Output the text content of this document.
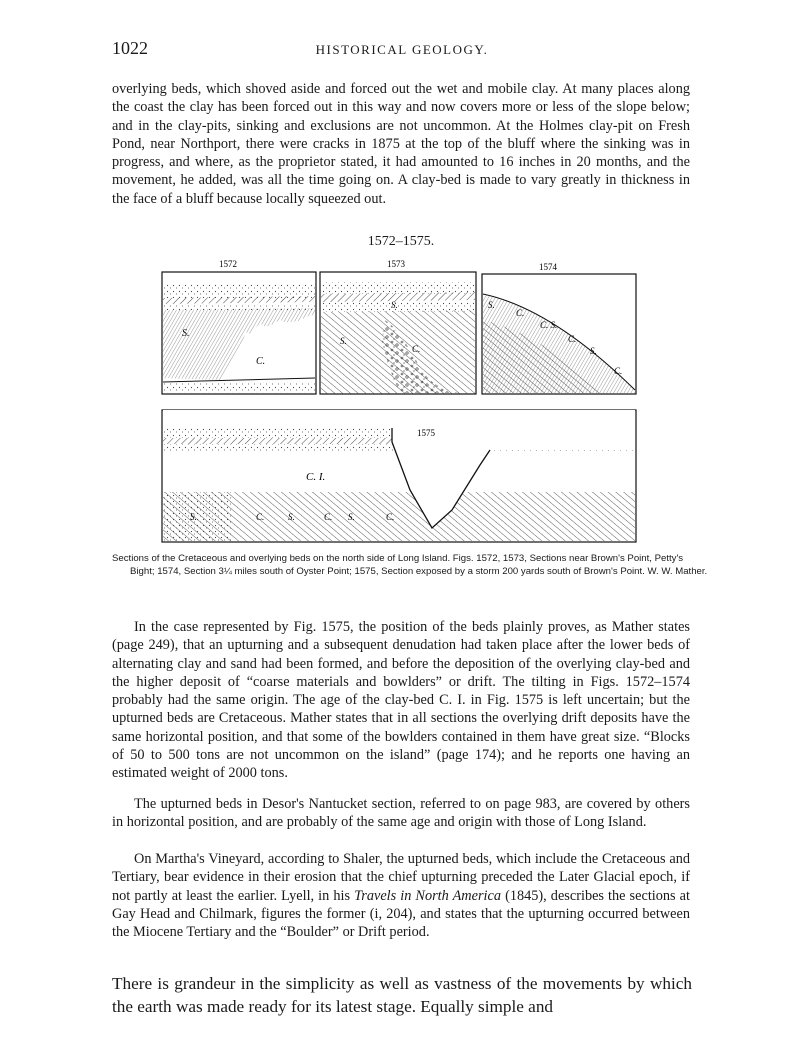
1022	HISTORICAL GEOLOGY.

overlying beds, which shoved aside and forced out the wet and mobile clay. At many places along the coast the clay has been forced out in this way and now covers more or less of the slope below; and in the clay-pits, sinking and exclusions are not uncommon. At the Holmes clay-pit on Fresh Pond, near Northport, there were cracks in 1875 at the top of the bluff where the sinking was in progress, and where, as the proprietor stated, it had amounted to 16 inches in 20 months, and the movement, he added, was all the time going on. A clay-bed is made to vary greatly in thickness in the face of a bluff because locally squeezed out.

1572–1575.
1572	1573	1574
S.
C.
S.
S.
C.
S.
C.
C. S.
C.
S.
C.
1575
C. I.
S.	C.	S.	C. S.	C.

Sections of the Cretaceous and overlying beds on the north side of Long Island. Figs. 1572, 1573, Sections near Brown's Point, Petty's Bight; 1574, Section 3¼ miles south of Oyster Point; 1575, Section exposed by a storm 200 yards south of Brown's Point. W. W. Mather.

In the case represented by Fig. 1575, the position of the beds plainly proves, as Mather states (page 249), that an upturning and a subsequent denudation had taken place after the lower beds of alternating clay and sand had been formed, and before the deposition of the overlying clay-bed and the higher deposit of “coarse materials and bowlders” or drift. The tilting in Figs. 1572–1574 probably had the same origin. The age of the clay-bed C. I. in Fig. 1575 is left uncertain; but the upturned beds are Cretaceous. Mather states that in all sections the overlying drift deposits have the same horizontal position, and that some of the bowlders contained in them have great size. “Blocks of 50 to 500 tons are not uncommon on the island” (page 174); and he reports one having an estimated weight of 2000 tons.

The upturned beds in Desor's Nantucket section, referred to on page 983, are covered by others in horizontal position, and are probably of the same age and origin with those of Long Island.

On Martha's Vineyard, according to Shaler, the upturned beds, which include the Cretaceous and Tertiary, bear evidence in their erosion that the chief upturning preceded the Later Glacial epoch, if not partly at least the earlier. Lyell, in his Travels in North America (1845), describes the sections at Gay Head and Chilmark, figures the former (i, 204), and states that the upturning occurred between the Miocene Tertiary and the “Boulder” or Drift period.

There is grandeur in the simplicity as well as vastness of the movements by which the earth was made ready for its latest stage. Equally simple and
